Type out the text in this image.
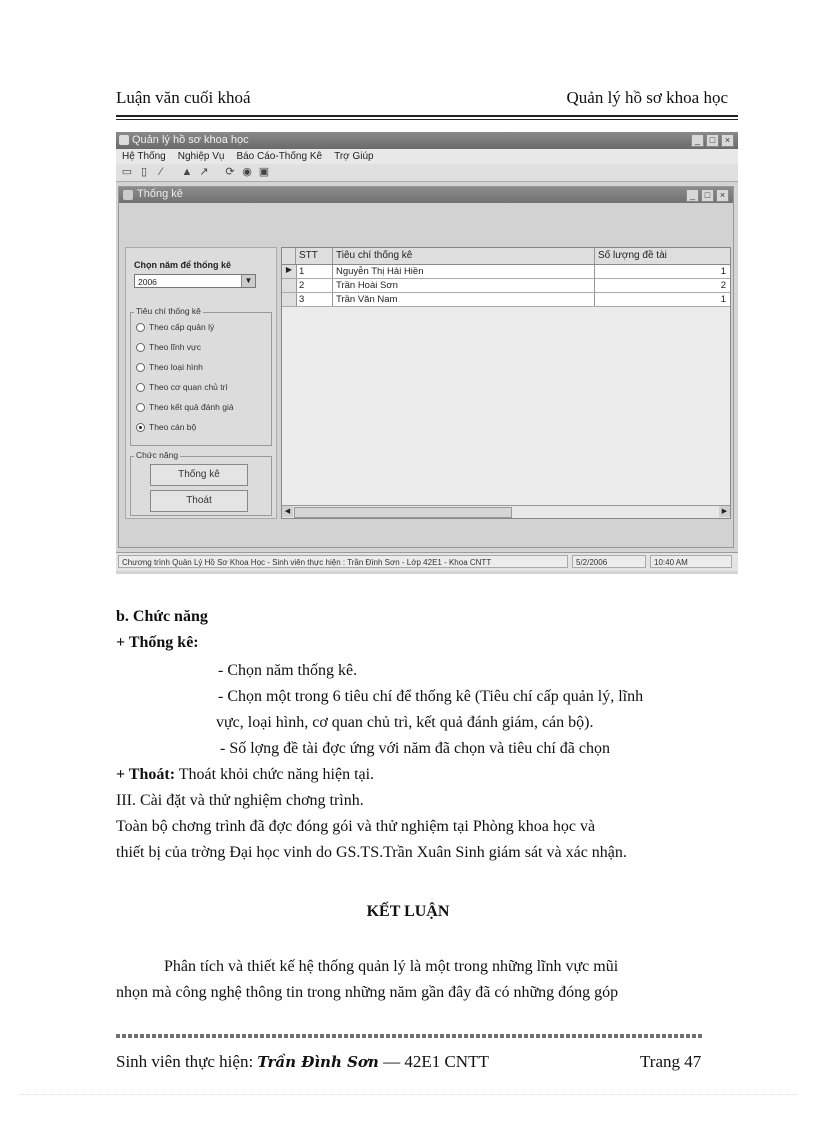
Luận văn cuối khoá	Quản lý hồ sơ khoa học
Quản lý hồ sơ khoa học	_	□	×
Hệ Thống Nghiệp Vụ Báo Cáo-Thống Kê Trợ Giúp
▭ ▯	⁄	▲ ↗ ⟳ ◉ ▣
Thống kê	_	□	×
Chọn năm để thống kê
2006	▼
Tiêu chí thống kê
Theo cấp quản lý
Theo lĩnh vực
Theo loại hình
Theo cơ quan chủ trì
Theo kết quả đánh giá
Theo cán bộ
Chức năng
Thống kê
Thoát
STT	Tiêu chí thống kê	Số lượng đề tài
▶ 1	Nguyễn Thị Hải Hiền	1
2	Trần Hoài Sơn	2
3	Trần Văn Nam	1
◀	▶
Chương trình Quản Lý Hồ Sơ Khoa Học - Sinh viên thực hiện : Trần Đình Sơn - Lớp 42E1 - Khoa CNTT	5/2/2006	10:40 AM
b. Chức năng
+ Thống kê:
- Chọn năm thống kê.
- Chọn một trong 6 tiêu chí để thống kê (Tiêu chí cấp quản lý, lĩnh
vực, loại hình, cơ quan chủ trì, kết quả đánh giám, cán bộ).
- Số lợng đề tài đợc ứng với năm đã chọn và tiêu chí đã chọn
+ Thoát: Thoát khỏi chức năng hiện tại.
III. Cài đặt và thử nghiệm chơng trình.
Toàn bộ chơng trình đã đợc đóng gói và thử nghiệm tại Phòng khoa học và
thiết bị của trờng Đại học vinh do GS.TS.Trần Xuân Sinh giám sát và xác nhận.
KẾT LUẬN
Phân tích và thiết kế hệ thống quản lý là một trong những lĩnh vực mũi
nhọn mà công nghệ thông tin trong những năm gần đây đã có những đóng góp
Sinh viên thực hiện: Trần Đình Sơn — 42E1 CNTT	Trang 47
